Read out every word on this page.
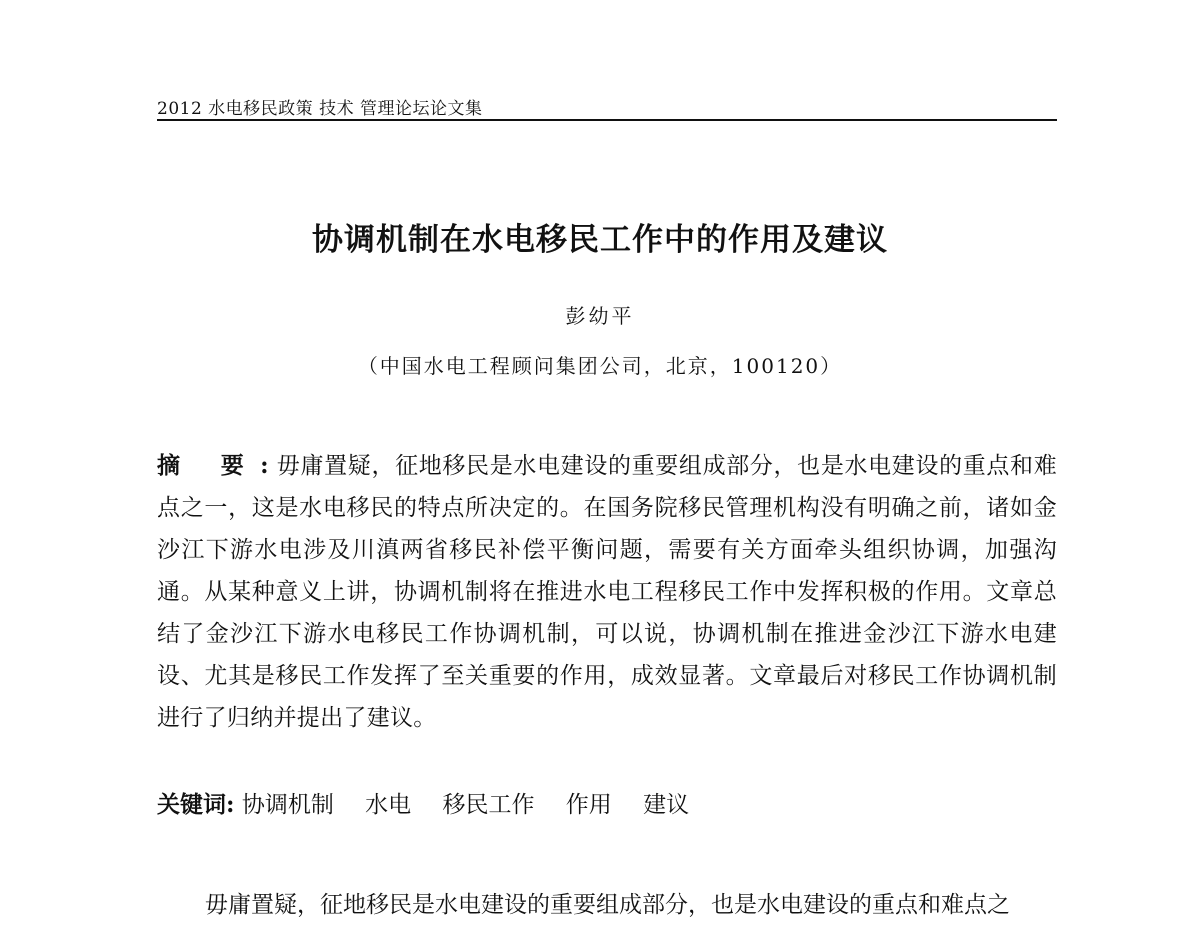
2012 水电移民政策 技术 管理论坛论文集
协调机制在水电移民工作中的作用及建议
彭幼平
（中国水电工程顾问集团公司，北京，100120）
摘 要: 毋庸置疑，征地移民是水电建设的重要组成部分，也是水电建设的重点和难点之一，这是水电移民的特点所决定的。在国务院移民管理机构没有明确之前，诸如金沙江下游水电涉及川滇两省移民补偿平衡问题，需要有关方面牵头组织协调，加强沟通。从某种意义上讲，协调机制将在推进水电工程移民工作中发挥积极的作用。文章总结了金沙江下游水电移民工作协调机制，可以说，协调机制在推进金沙江下游水电建设、尤其是移民工作发挥了至关重要的作用，成效显著。文章最后对移民工作协调机制进行了归纳并提出了建议。
关键词: 协调机制 水电 移民工作 作用 建议
毋庸置疑，征地移民是水电建设的重要组成部分，也是水电建设的重点和难点之
